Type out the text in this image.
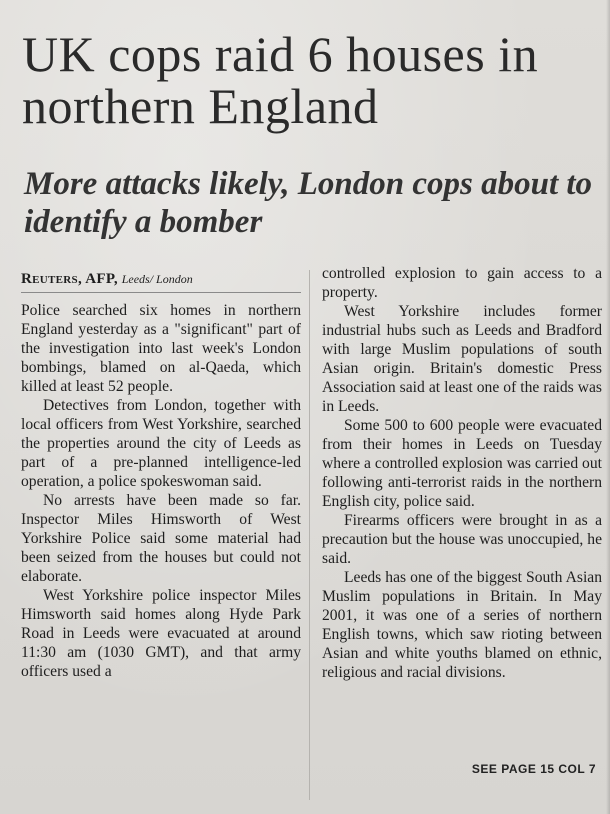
UK cops raid 6 houses in northern England
More attacks likely, London cops about to identify a bomber
Reuters, AFP, Leeds/ London

Police searched six homes in northern England yesterday as a "significant" part of the investigation into last week's London bombings, blamed on al-Qaeda, which killed at least 52 people.

Detectives from London, together with local officers from West Yorkshire, searched the properties around the city of Leeds as part of a pre-planned intelligence-led operation, a police spokeswoman said.

No arrests have been made so far. Inspector Miles Himsworth of West Yorkshire Police said some material had been seized from the houses but could not elaborate.

West Yorkshire police inspector Miles Himsworth said homes along Hyde Park Road in Leeds were evacuated at around 11:30 am (1030 GMT), and that army officers used a

controlled explosion to gain access to a property.

West Yorkshire includes former industrial hubs such as Leeds and Bradford with large Muslim populations of south Asian origin. Britain's domestic Press Association said at least one of the raids was in Leeds.

Some 500 to 600 people were evacuated from their homes in Leeds on Tuesday where a controlled explosion was carried out following anti-terrorist raids in the northern English city, police said.

Firearms officers were brought in as a precaution but the house was unoccupied, he said.

Leeds has one of the biggest South Asian Muslim populations in Britain. In May 2001, it was one of a series of northern English towns, which saw rioting between Asian and white youths blamed on ethnic, religious and racial divisions.

SEE PAGE 15 COL 7
